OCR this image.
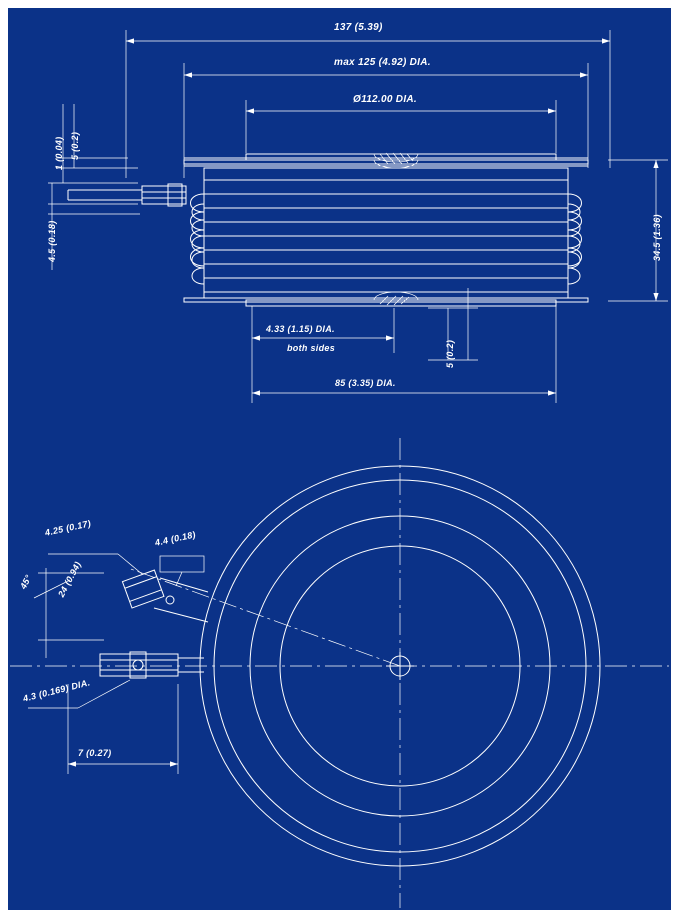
137 (5.39)
max 125 (4.92) DIA.
Ø112.00 DIA.
5 (0.2)
1 (0.04)
4.5 (0.18)	34.5 (1.36)
4.33 (1.15) DIA.
both sides	5 (0.2)
85 (3.35) DIA.
4.25 (0.17)
4.4 (0.18)
45° 24 (0.94)
4.3 (0.169) DIA.
7 (0.27)
